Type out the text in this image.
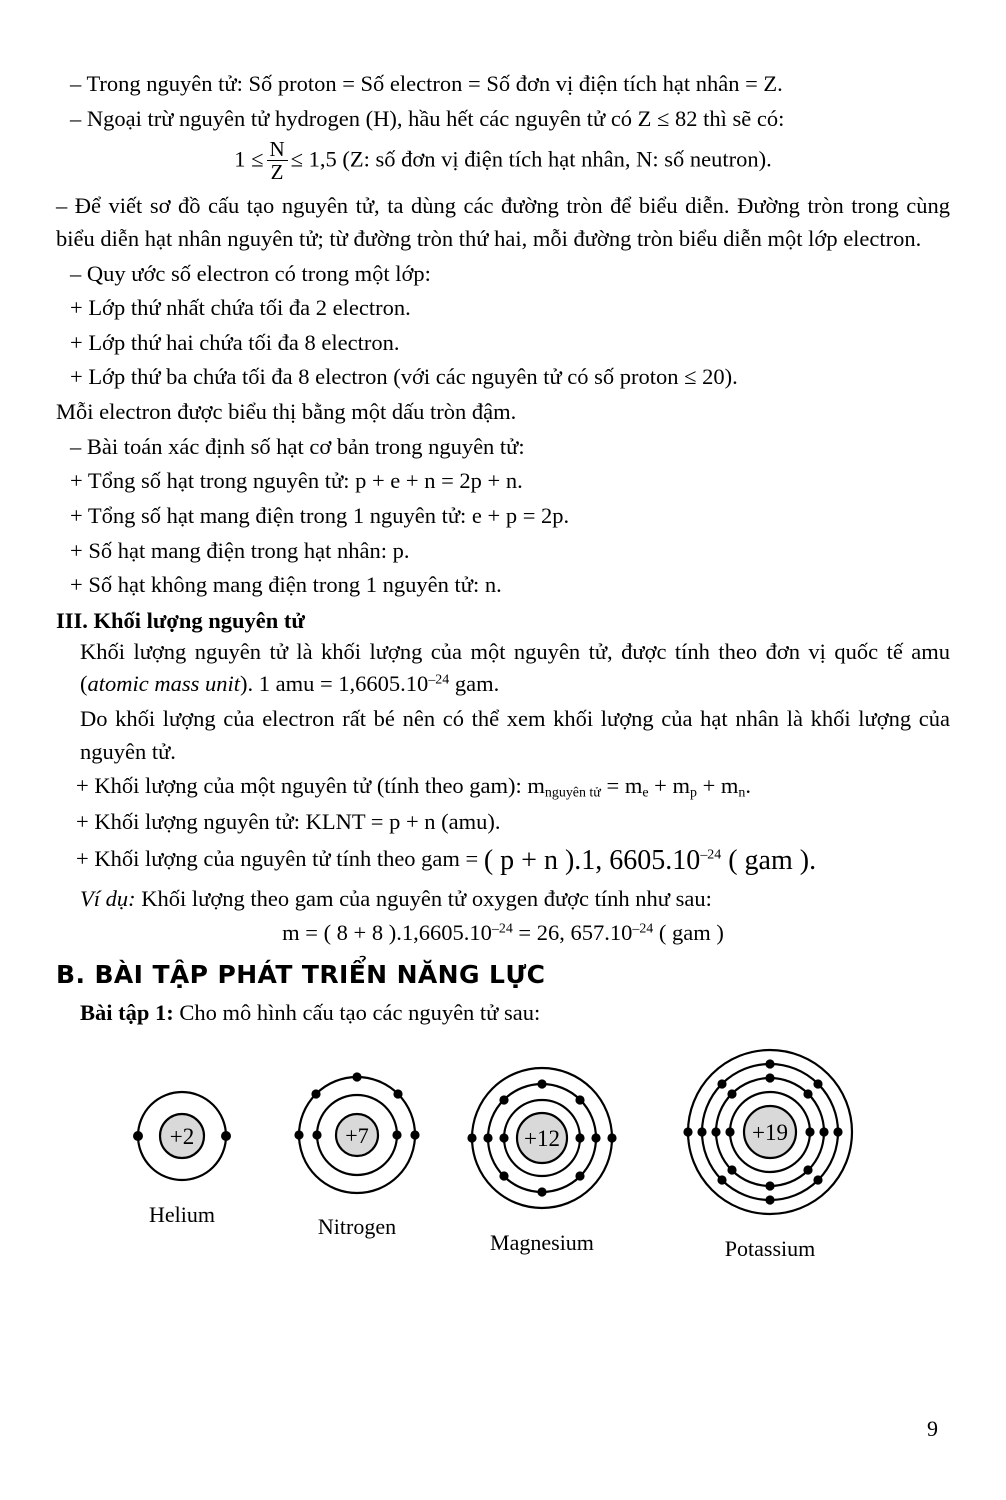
– Trong nguyên tử: Số proton = Số electron = Số đơn vị điện tích hạt nhân = Z.

– Ngoại trừ nguyên tử hydrogen (H), hầu hết các nguyên tử có Z ≤ 82 thì sẽ có:

$1 \le \frac{N}{Z} \le 1,5$ (Z: số đơn vị điện tích hạt nhân, N: số neutron).

– Để viết sơ đồ cấu tạo nguyên tử, ta dùng các đường tròn để biểu diễn. Đường tròn trong cùng biểu diễn hạt nhân nguyên tử; từ đường tròn thứ hai, mỗi đường tròn biểu diễn một lớp electron.

– Quy ước số electron có trong một lớp:

+ Lớp thứ nhất chứa tối đa 2 electron.

+ Lớp thứ hai chứa tối đa 8 electron.

+ Lớp thứ ba chứa tối đa 8 electron (với các nguyên tử có số proton ≤ 20).

Mỗi electron được biểu thị bằng một dấu tròn đậm.

– Bài toán xác định số hạt cơ bản trong nguyên tử:

+ Tổng số hạt trong nguyên tử: p + e + n = 2p + n.

+ Tổng số hạt mang điện trong 1 nguyên tử: e + p = 2p.

+ Số hạt mang điện trong hạt nhân: p.

+ Số hạt không mang điện trong 1 nguyên tử: n.

III. Khối lượng nguyên tử

Khối lượng nguyên tử là khối lượng của một nguyên tử, được tính theo đơn vị quốc tế amu (atomic mass unit). 1 amu = $1,6605.10^{-24}$ gam.

Do khối lượng của electron rất bé nên có thể xem khối lượng của hạt nhân là khối lượng của nguyên tử.

+ Khối lượng của một nguyên tử (tính theo gam): $m_{nguyên tử} = m_e + m_p + m_n$.

+ Khối lượng nguyên tử: KLNT = p + n (amu).

+ Khối lượng của nguyên tử tính theo gam = ( p + n ).1, $6605.10^{-24}$ ( gam ).

Ví dụ: Khối lượng theo gam của nguyên tử oxygen được tính như sau:

m = ( 8 + 8 )$.1,6605.10^{-24} = 26$, $657.10^{-24}$ ( gam )
B. BÀI TẬP PHÁT TRIỂN NĂNG LỰC

Bài tập 1: Cho mô hình cấu tạo các nguyên tử sau:

+2
Helium
+7
Nitrogen
+12
Magnesium
+19
Potassium
9
